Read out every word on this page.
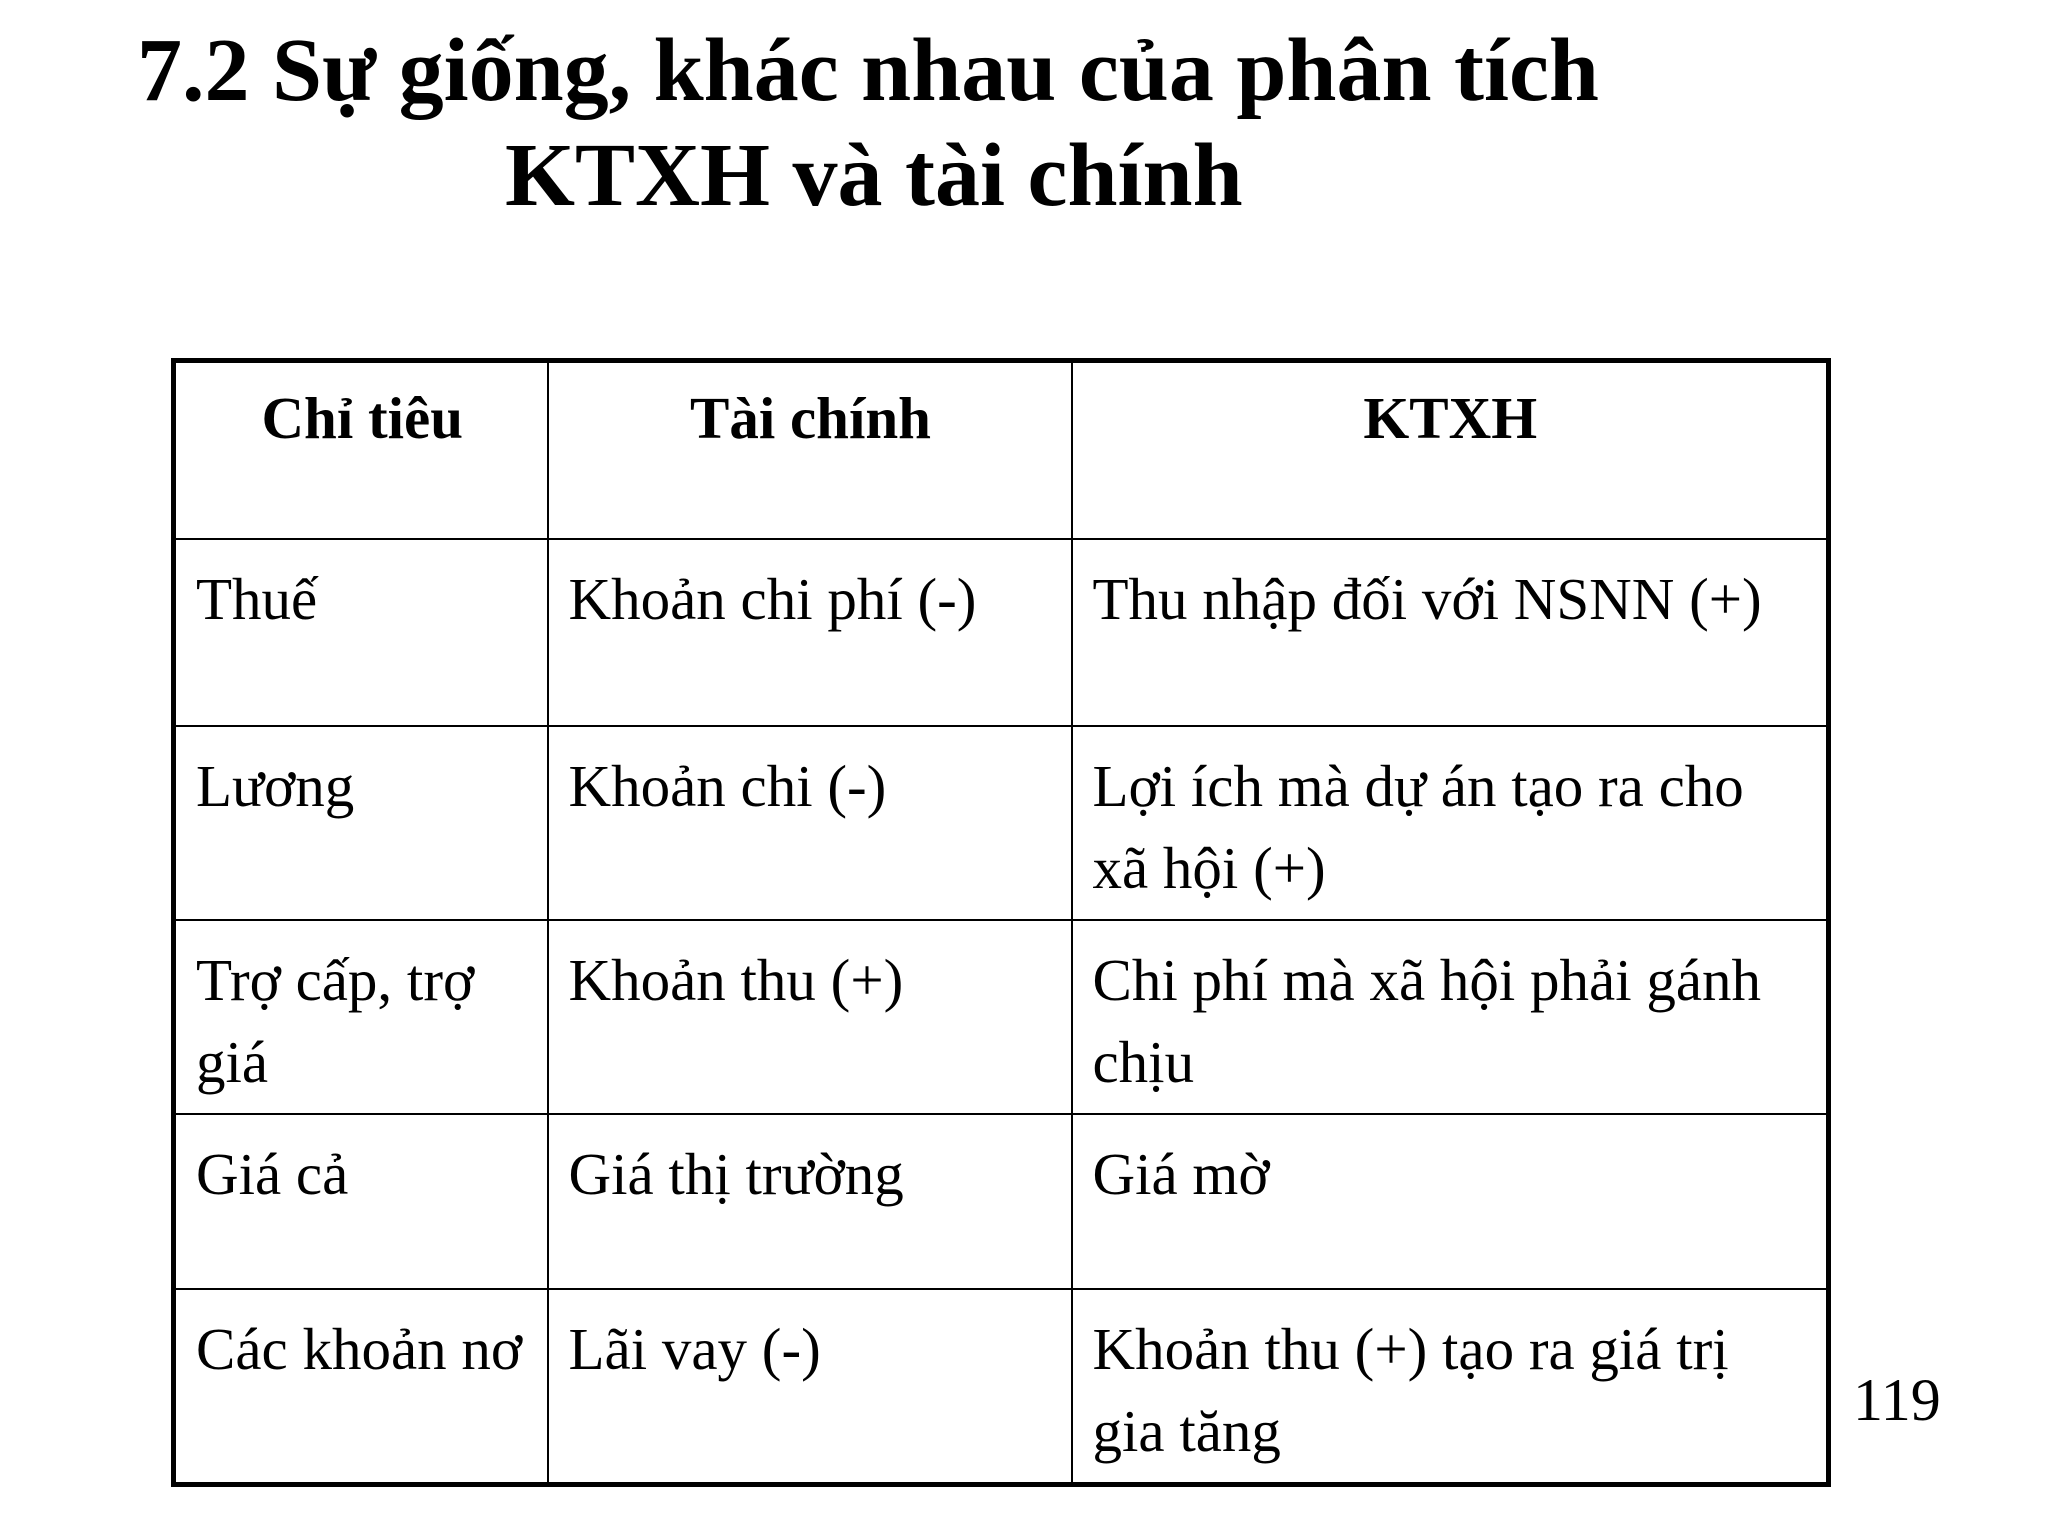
7.2 Sự giống, khác nhau của phân tích
KTXH và tài chính
Chỉ tiêu	Tài chính	KTXH
Thuế	Khoản chi phí (-)	Thu nhập đối với NSNN (+)
Lương	Khoản chi (-)	Lợi ích mà dự án tạo ra cho xã hội (+)
Trợ cấp, trợ giá	Khoản thu (+)	Chi phí mà xã hội phải gánh chịu
Giá cả	Giá thị trường	Giá mờ
Các khoản nơ	Lãi vay (-)	Khoản thu (+) tạo ra giá trị gia tăng	119
